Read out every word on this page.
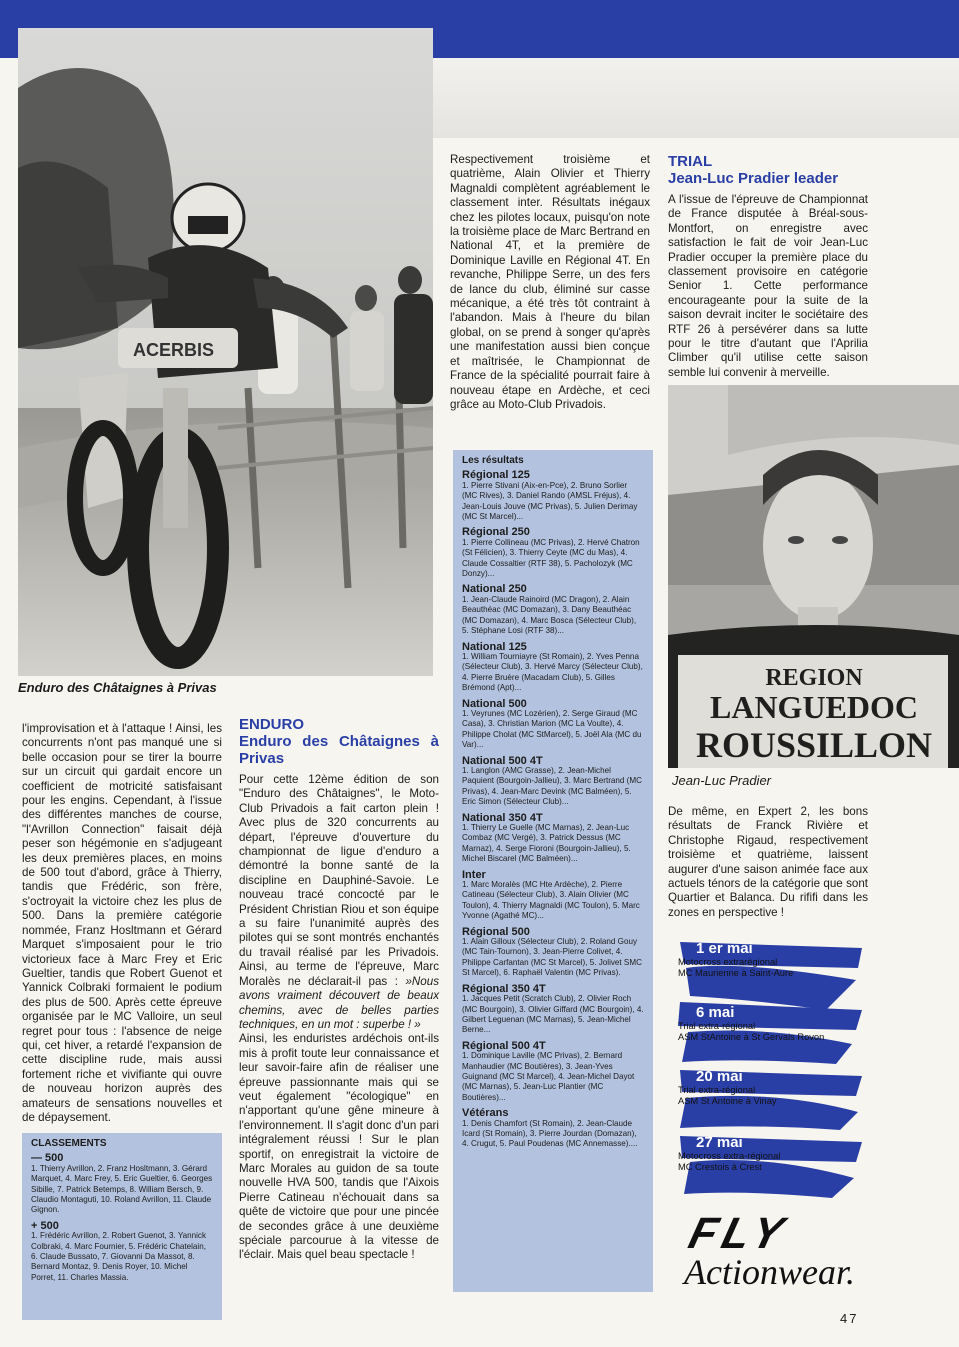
ACERBIS
Enduro des Châtaignes à Privas

Respectivement troisième et quatrième, Alain Olivier et Thierry Magnaldi complètent agréablement le classement inter. Résultats inégaux chez les pilotes locaux, puisqu'on note la troisième place de Marc Bertrand en National 4T, et la première de Dominique Laville en Régional 4T. En revanche, Philippe Serre, un des fers de lance du club, éliminé sur casse mécanique, a été très tôt contraint à l'abandon. Mais à l'heure du bilan global, on se prend à songer qu'après une manifestation aussi bien conçue et maîtrisée, le Championnat de France de la spécialité pourrait faire à nouveau étape en Ardèche, et ceci grâce au Moto-Club Privadois.

TRIAL
Jean-Luc Pradier leader

A l'issue de l'épreuve de Championnat de France disputée à Bréal-sous-Montfort, on enregistre avec satisfaction le fait de voir Jean-Luc Pradier occuper la première place du classement provisoire en catégorie Senior 1. Cette performance encourageante pour la suite de la saison devrait inciter le sociétaire des RTF 26 à persévérer dans sa lutte pour le titre d'autant que l'Aprilia Climber qu'il utilise cette saison semble lui convenir à merveille.

REGION
LANGUEDOC
ROUSSILLON
Jean-Luc Pradier

De même, en Expert 2, les bons résultats de Franck Rivière et Christophe Rigaud, respectivement troisième et quatrième, laissent augurer d'une saison animée face aux actuels ténors de la catégorie que sont Quartier et Balanca. Du rififi dans les zones en perspective !

l'improvisation et à l'attaque ! Ainsi, les concurrents n'ont pas manqué une si belle occasion pour se tirer la bourre sur un circuit qui gardait encore un coefficient de motricité satisfaisant pour les engins. Cependant, à l'issue des différentes manches de course, "l'Avrillon Connection" faisait déjà peser son hégémonie en s'adjugeant les deux premières places, en moins de 500 tout d'abord, grâce à Thierry, tandis que Frédéric, son frère, s'octroyait la victoire chez les plus de 500. Dans la première catégorie nommée, Franz Hosltmann et Gérard Marquet s'imposaient pour le trio victorieux face à Marc Frey et Eric Gueltier, tandis que Robert Guenot et Yannick Colbraki formaient le podium des plus de 500. Après cette épreuve organisée par le MC Valloire, un seul regret pour tous : l'absence de neige qui, cet hiver, a retardé l'expansion de cette discipline rude, mais aussi fortement riche et vivifiante qui ouvre de nouveau horizon auprès des amateurs de sensations nouvelles et de dépaysement.

CLASSEMENTS
— 500

1. Thierry Avrillon, 2. Franz Hosltmann, 3. Gérard Marquet, 4. Marc Frey, 5. Eric Gueltier, 6. Georges Sibille, 7. Patrick Betemps, 8. William Bersch, 9. Claudio Montaguti, 10. Roland Avrillon, 11. Claude Gignon.

+ 500

1. Frédéric Avrillon, 2. Robert Guenot, 3. Yannick Colbraki, 4. Marc Fournier, 5. Frédéric Chatelain, 6. Claude Bussato, 7. Giovanni Da Massot, 8. Bernard Montaz, 9. Denis Royer, 10. Michel Porret, 11. Charles Massia.

ENDURO
Enduro des Châtaignes à Privas

Pour cette 12ème édition de son "Enduro des Châtaignes", le Moto-Club Privadois a fait carton plein ! Avec plus de 320 concurrents au départ, l'épreuve d'ouverture du championnat de ligue d'enduro a démontré la bonne santé de la discipline en Dauphiné-Savoie. Le nouveau tracé concocté par le Président Christian Riou et son équipe a su faire l'unanimité auprès des pilotes qui se sont montrés enchantés du travail réalisé par les Privadois. Ainsi, au terme de l'épreuve, Marc Moralès ne déclarait-il pas : »Nous avons vraiment découvert de beaux chemins, avec de belles parties techniques, en un mot : superbe ! »

Ainsi, les enduristes ardéchois ont-ils mis à profit toute leur connaissance et leur savoir-faire afin de réaliser une épreuve passionnante mais qui se veut également "écologique" en n'apportant qu'une gêne mineure à l'environnement. Il s'agit donc d'un pari intégralement réussi ! Sur le plan sportif, on enregistrait la victoire de Marc Morales au guidon de sa toute nouvelle HVA 500, tandis que l'Aixois Pierre Catineau n'échouait dans sa quête de victoire que pour une pincée de secondes grâce à une deuxième spéciale parcourue à la vitesse de l'éclair. Mais quel beau spectacle !

Les résultats
Régional 125

1. Pierre Stivani (Aix-en-Pce), 2. Bruno Sorlier (MC Rives), 3. Daniel Rando (AMSL Fréjus), 4. Jean-Louis Jouve (MC Privas), 5. Julien Derimay (MC St Marcel)...

Régional 250

1. Pierre Collineau (MC Privas), 2. Hervé Chatron (St Félicien), 3. Thierry Ceyte (MC du Mas), 4. Claude Cossaltier (RTF 38), 5. Pacholozyk (MC Donzy)...

National 250

1. Jean-Claude Rainoird (MC Dragon), 2. Alain Beauthéac (MC Domazan), 3. Dany Beauthéac (MC Domazan), 4. Marc Bosca (Sélecteur Club), 5. Stéphane Losi (RTF 38)...

National 125

1. William Tourniayre (St Romain), 2. Yves Penna (Sélecteur Club), 3. Hervé Marcy (Sélecteur Club), 4. Pierre Bruère (Macadam Club), 5. Gilles Brémond (Apt)...

National 500

1. Veyrunes (MC Lozérien), 2. Serge Giraud (MC Casa), 3. Christian Marion (MC La Voulte), 4. Philippe Cholat (MC StMarcel), 5. Joël Ala (MC du Var)...

National 500 4T

1. Langlon (AMC Grasse), 2. Jean-Michel Paquient (Bourgoin-Jallieu), 3. Marc Bertrand (MC Privas), 4. Jean-Marc Devink (MC Balméen), 5. Eric Simon (Sélecteur Club)...

National 350 4T

1. Thierry Le Guelle (MC Marnas), 2. Jean-Luc Combaz (MC Vergé), 3. Patrick Dessus (MC Marnaz), 4. Serge Fioroni (Bourgoin-Jallieu), 5. Michel Biscarel (MC Balméen)...

Inter

1. Marc Moralès (MC Hte Ardèche), 2. Pierre Catineau (Sélecteur Club), 3. Alain Olivier (MC Toulon), 4. Thierry Magnaldi (MC Toulon), 5. Marc Yvonne (Agathé MC)...

Régional 500

1. Alain Gilloux (Sélecteur Club), 2. Roland Gouy (MC Tain-Tournon), 3. Jean-Pierre Colivet, 4. Philippe Carfantan (MC St Marcel), 5. Jolivet SMC St Marcel), 6. Raphaël Valentin (MC Privas).

Régional 350 4T

1. Jacques Petit (Scratch Club), 2. Olivier Roch (MC Bourgoin), 3. Olivier Giffard (MC Bourgoin), 4. Gilbert Leguenan (MC Marnas), 5. Jean-Michel Berne...

Régional 500 4T

1. Dominique Laville (MC Privas), 2. Bernard Manhaudier (MC Boutières), 3. Jean-Yves Guignand (MC St Marcel), 4. Jean-Michel Dayot (MC Marnas), 5. Jean-Luc Plantier (MC Boutières)...

Vétérans

1. Denis Chamfort (St Romain), 2. Jean-Claude Icard (St Romain), 3. Pierre Jourdan (Domazan), 4. Crugut, 5. Paul Poudenas (MC Annemasse)....

1 er mai
Motocross extrarégional
MC Maurienne à Saint-Aure
6 mai
Trial extra-régional
ASM StAntoine à St Gervais Rovon
20 mai
Trial extra-régional
ASM St Antoine à Vinay
27 mai
Motocross extra-régional
MC Crestois à Crest
FLY
Actionwear.
47
